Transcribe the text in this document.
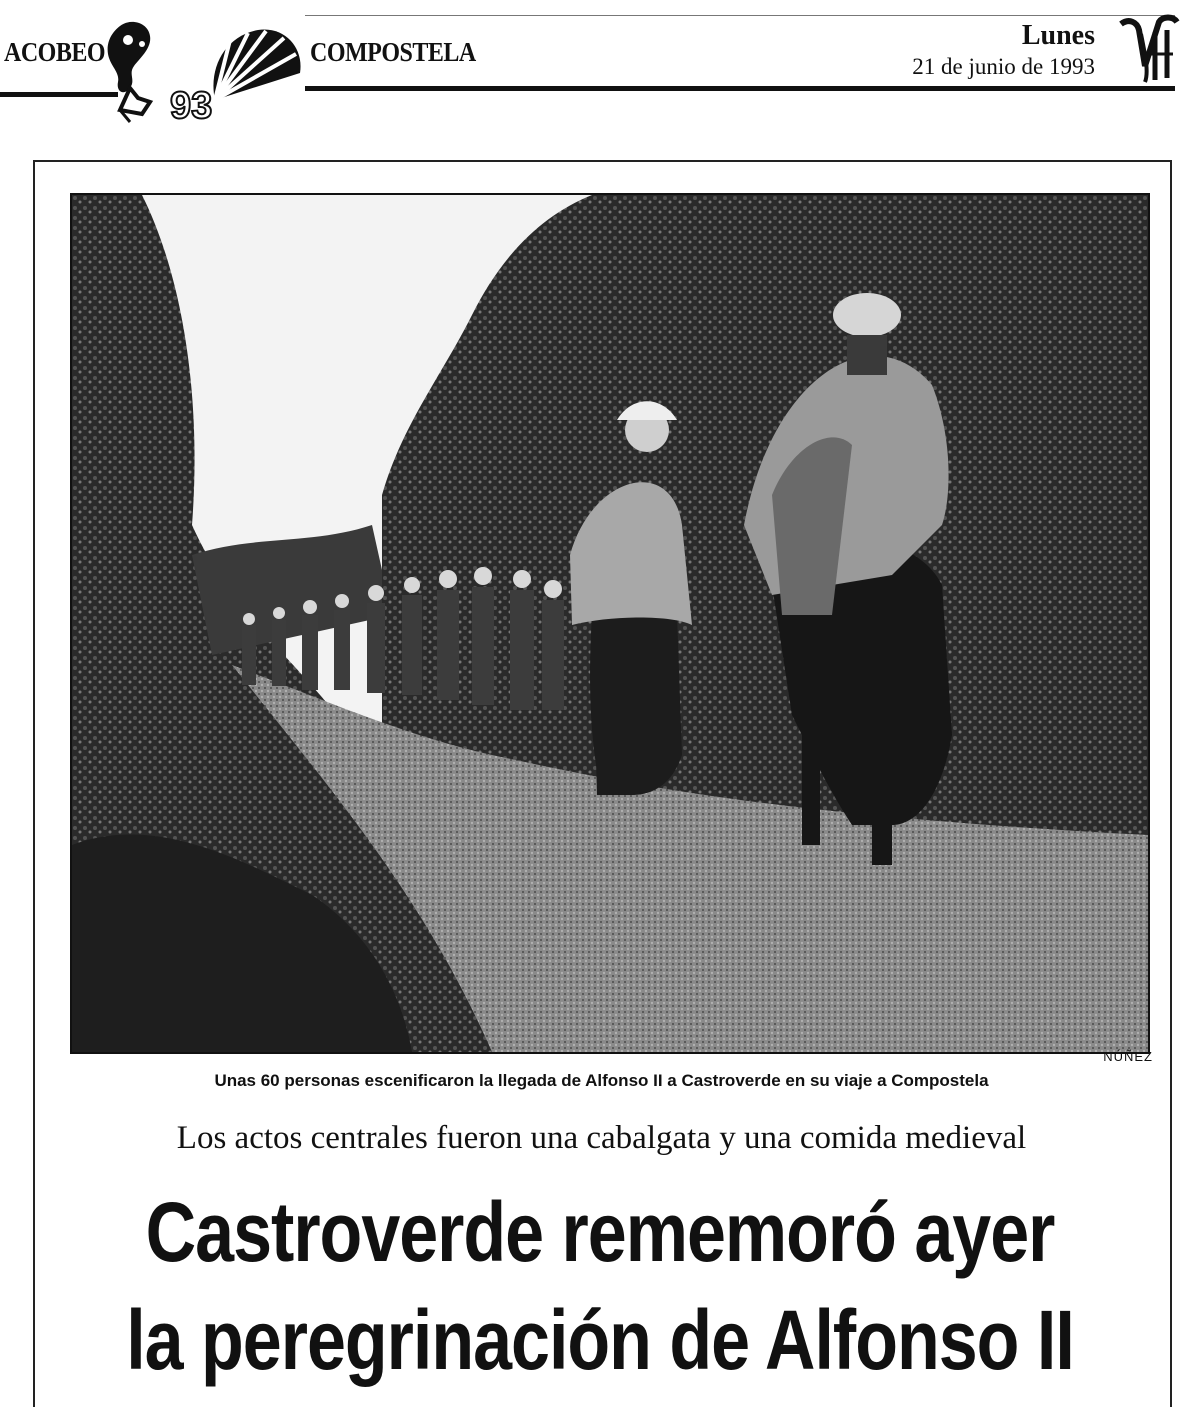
ACOBEO
93
COMPOSTELA
Lunes
21 de junio de 1993
NÚÑEZ
Unas 60 personas escenificaron la llegada de Alfonso II a Castroverde en su viaje a Compostela
Los actos centrales fueron una cabalgata y una comida medieval
Castroverde rememoró ayer
la peregrinación de Alfonso II
